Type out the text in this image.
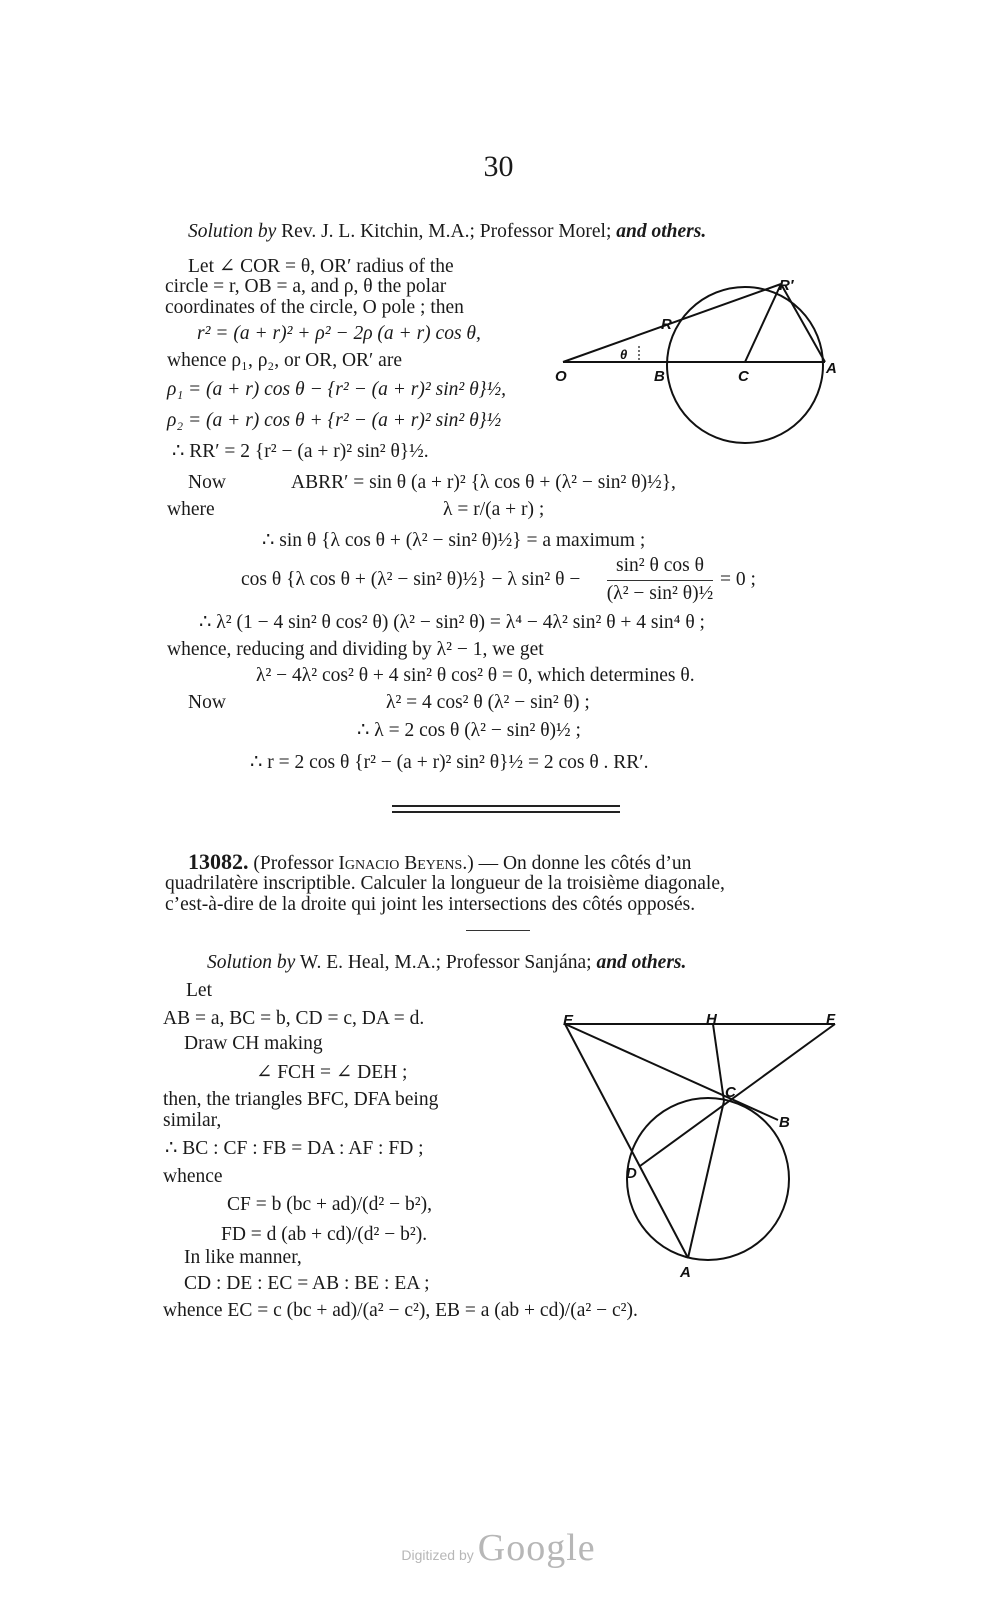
30
Solution by Rev. J. L. Kitchin, M.A.; Professor Morel; and others.
Let ∠ COR = θ, OR′ radius of the
circle = r, OB = a, and ρ, θ the polar
coordinates of the circle, O pole ; then
r² = (a + r)² + ρ² − 2ρ (a + r) cos θ,
whence ρ₁, ρ₂, or OR, OR′ are
ρ₁ = (a + r) cos θ − {r² − (a + r)² sin² θ}½,
ρ₂ = (a + r) cos θ + {r² − (a + r)² sin² θ}½
∴ RR′ = 2 {r² − (a + r)² sin² θ}½.
O	B	C	A
R
R′
θ
Now	ABRR′ = sin θ (a + r)² {λ cos θ + (λ² − sin² θ)½},
where	λ = r/(a + r) ;
∴ sin θ {λ cos θ + (λ² − sin² θ)½} = a maximum ;
cos θ {λ cos θ + (λ² − sin² θ)½} − λ sin² θ −
sin² θ cos θ
(λ² − sin² θ)½
= 0 ;
∴ λ² (1 − 4 sin² θ cos² θ) (λ² − sin² θ) = λ⁴ − 4λ² sin² θ + 4 sin⁴ θ ;
whence, reducing and dividing by λ² − 1, we get
λ² − 4λ² cos² θ + 4 sin² θ cos² θ = 0, which determines θ.
Now	λ² = 4 cos² θ (λ² − sin² θ) ;
∴ λ = 2 cos θ (λ² − sin² θ)½ ;
∴ r = 2 cos θ {r² − (a + r)² sin² θ}½ = 2 cos θ . RR′.
13082. (Professor Ignacio Beyens.) — On donne les côtés d’un
quadrilatère inscriptible. Calculer la longueur de la troisième diagonale,
c’est-à-dire de la droite qui joint les intersections des côtés opposés.
Solution by W. E. Heal, M.A.; Professor Sanjána; and others.
Let
AB = a, BC = b, CD = c, DA = d.
Draw CH making
∠ FCH = ∠ DEH ;
then, the triangles BFC, DFA being
similar,
∴ BC : CF : FB = DA : AF : FD ;
whence
CF = b (bc + ad)/(d² − b²),
FD = d (ab + cd)/(d² − b²).
In like manner,
CD : DE : EC = AB : BE : EA ;
whence EC = c (bc + ad)/(a² − c²), EB = a (ab + cd)/(a² − c²).
E	H	F
C
B
D
A
Digitized by Google
